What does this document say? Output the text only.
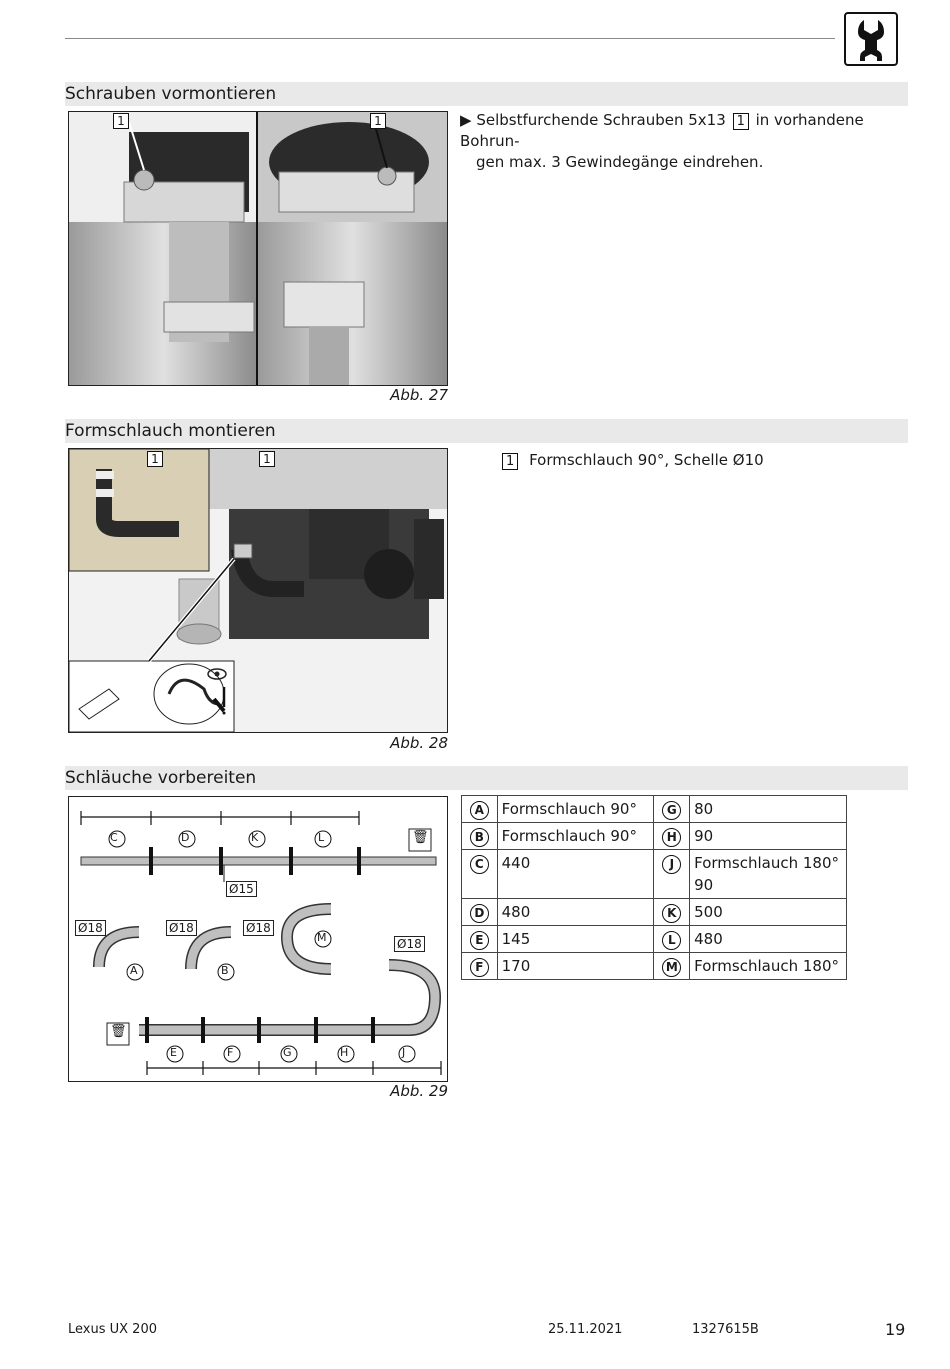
Schrauben vormontieren
1	1
Abb. 27
▶ Selbstfurchende Schrauben 5x13 1 in vorhandene Bohrun-
gen max. 3 Gewindegänge eindrehen.
Formschlauch montieren
1	1
Abb. 28
1 Formschlauch 90°, Schelle Ø10
Schläuche vorbereiten
C	D	K	L
Ø15
Ø18	Ø18	Ø18
Ø18
A	B
M
E	F	G	H	J
🗑
🗑
Abb. 29
A	Formschlauch 90°	G	80
B	Formschlauch 90°	H	90
C	440	J	Formschlauch 180°
90
D	480	K	500
E	145	L	480
F	170	M	Formschlauch 180°
Lexus UX 200	25.11.2021	1327615B	19
